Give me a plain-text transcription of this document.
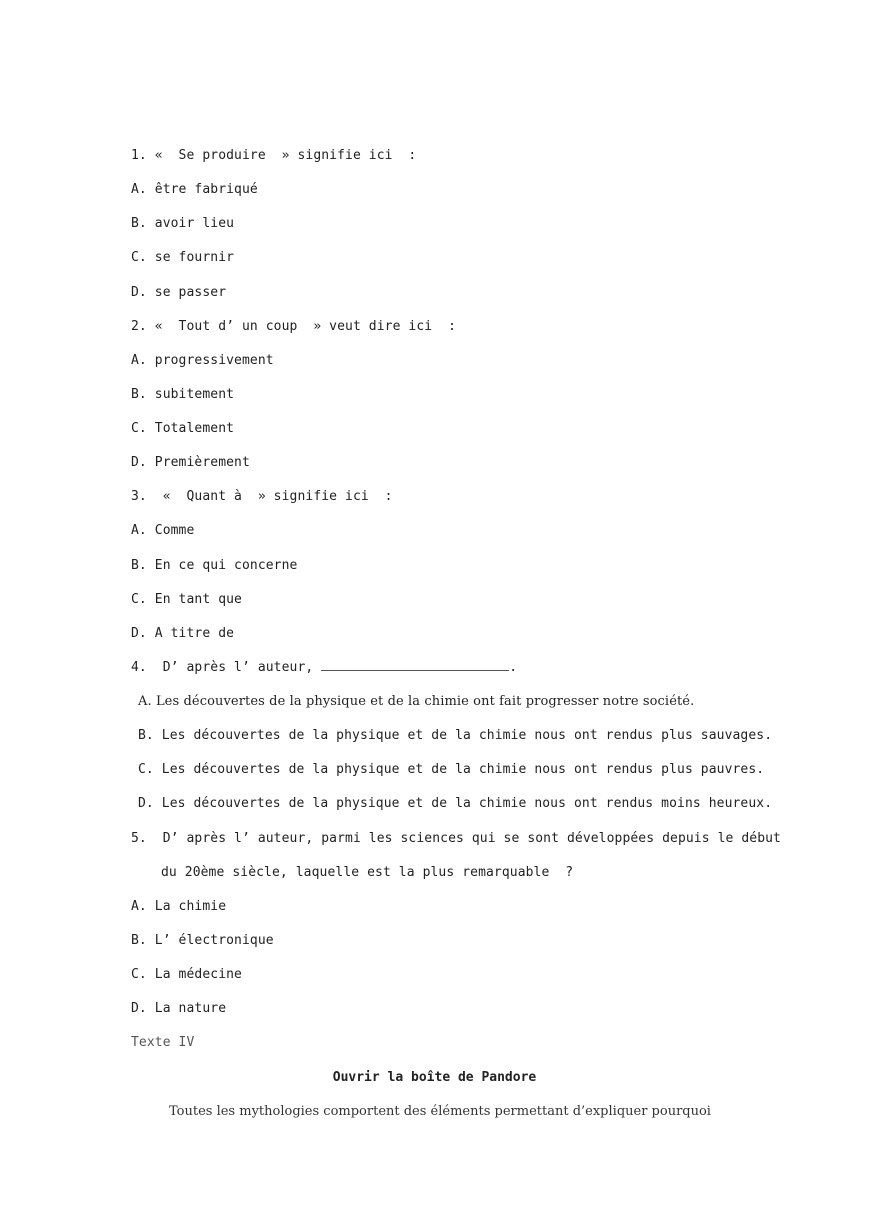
1. «  Se produire  » signifie ici  :
A. être fabriqué
B. avoir lieu
C. se fournir
D. se passer
2. «  Tout d’ un coup  » veut dire ici  :
A. progressivement
B. subitement
C. Totalement
D. Premièrement
3.  «  Quant à  » signifie ici  :
A. Comme
B. En ce qui concerne
C. En tant que
D. A titre de
4.  D’ après l’ auteur,	.
A. Les découvertes de la physique et de la chimie ont fait progresser notre société.
B. Les découvertes de la physique et de la chimie nous ont rendus plus sauvages.
C. Les découvertes de la physique et de la chimie nous ont rendus plus pauvres.
D. Les découvertes de la physique et de la chimie nous ont rendus moins heureux.
5.  D’ après l’ auteur, parmi les sciences qui se sont développées depuis le début
du 20ème siècle, laquelle est la plus remarquable  ?
A. La chimie
B. L’ électronique
C. La médecine
D. La nature
Texte IV
Ouvrir la boîte de Pandore
Toutes les mythologies comportent des éléments permettant d’expliquer pourquoi
